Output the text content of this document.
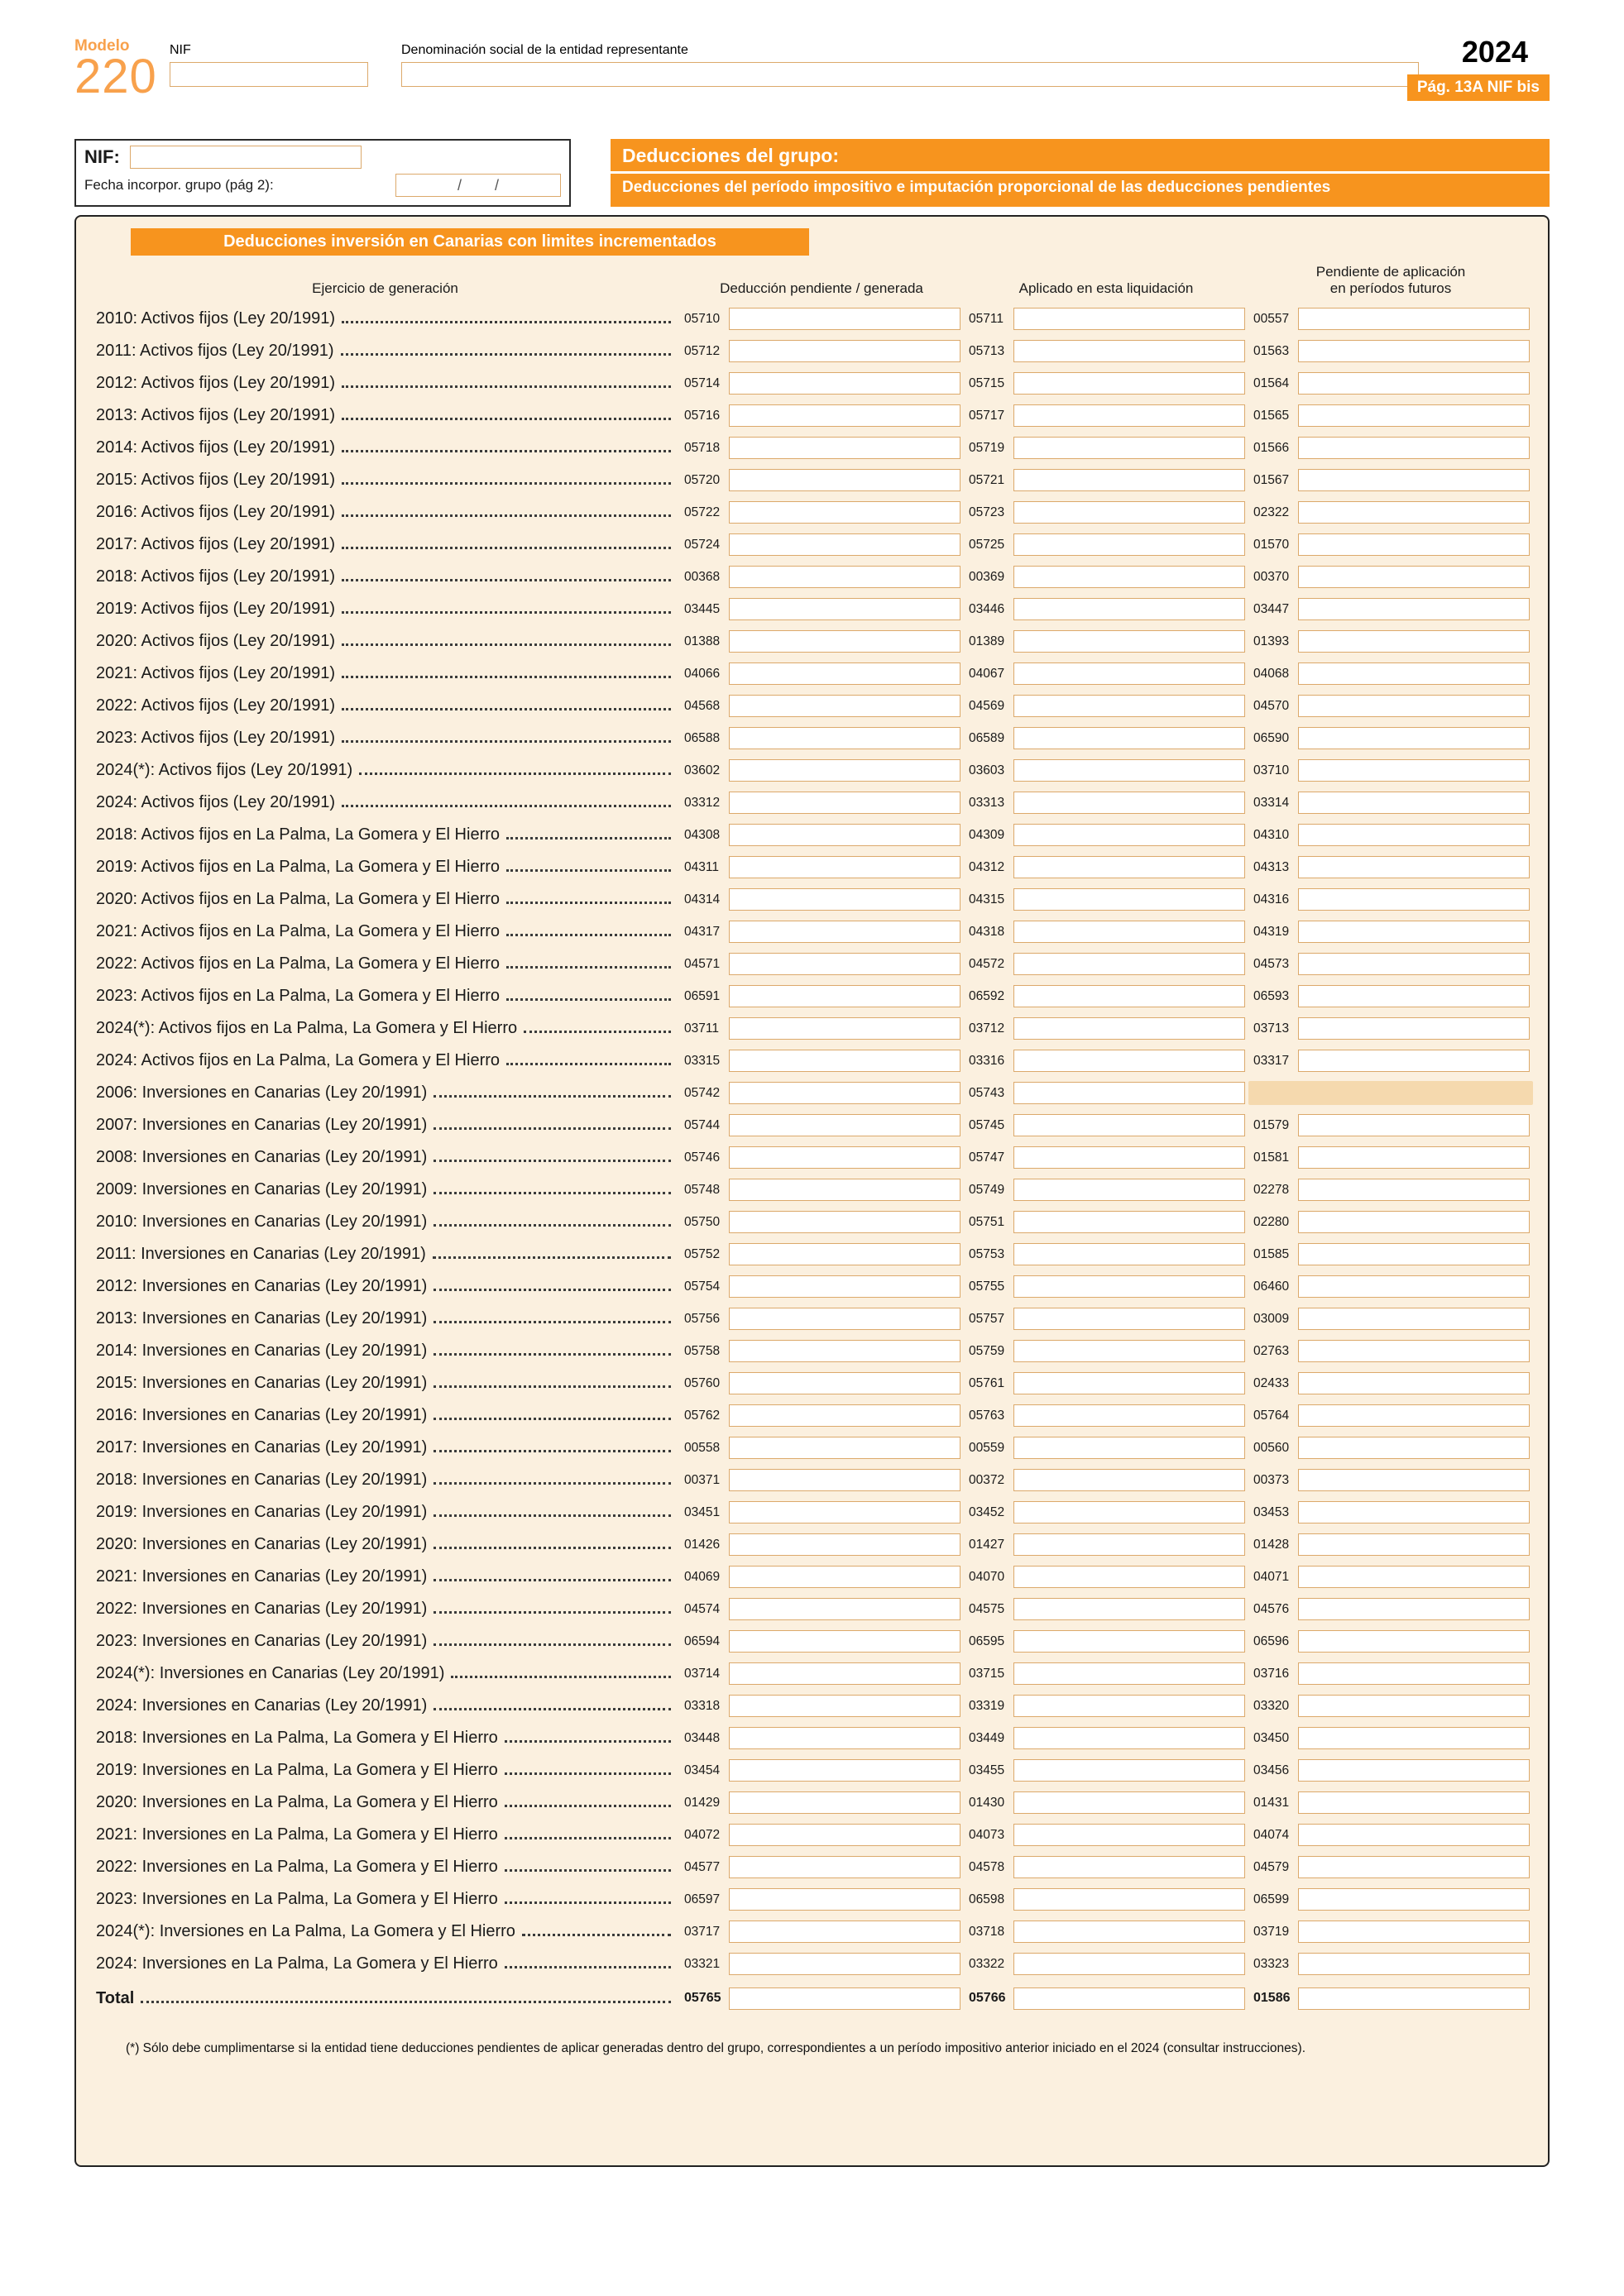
Modelo
220 NIF	Denominación social de la entidad representante	2024
Pág. 13A NIF bis
NIF:
Fecha incorpor. grupo (pág 2):	/        /
Deducciones del grupo:
Deducciones del período impositivo e imputación proporcional de las deducciones pendientes
Deducciones inversión en Canarias con limites incrementados
Ejercicio de generación	Deducción pendiente / generada	Aplicado en esta liquidación
Pendiente de aplicación
en períodos futuros
2010: Activos fijos (Ley 20/1991)	05710	05711	00557
2011: Activos fijos (Ley 20/1991)	05712	05713	01563
2012: Activos fijos (Ley 20/1991)	05714	05715	01564
2013: Activos fijos (Ley 20/1991)	05716	05717	01565
2014: Activos fijos (Ley 20/1991)	05718	05719	01566
2015: Activos fijos (Ley 20/1991)	05720	05721	01567
2016: Activos fijos (Ley 20/1991)	05722	05723	02322
2017: Activos fijos (Ley 20/1991)	05724	05725	01570
2018: Activos fijos (Ley 20/1991)	00368	00369	00370
2019: Activos fijos (Ley 20/1991)	03445	03446	03447
2020: Activos fijos (Ley 20/1991)	01388	01389	01393
2021: Activos fijos (Ley 20/1991)	04066	04067	04068
2022: Activos fijos (Ley 20/1991)	04568	04569	04570
2023: Activos fijos (Ley 20/1991)	06588	06589	06590
2024(*): Activos fijos (Ley 20/1991)	03602	03603	03710
2024: Activos fijos (Ley 20/1991)	03312	03313	03314
2018: Activos fijos en La Palma, La Gomera y El Hierro	04308	04309	04310
2019: Activos fijos en La Palma, La Gomera y El Hierro	04311	04312	04313
2020: Activos fijos en La Palma, La Gomera y El Hierro	04314	04315	04316
2021: Activos fijos en La Palma, La Gomera y El Hierro	04317	04318	04319
2022: Activos fijos en La Palma, La Gomera y El Hierro	04571	04572	04573
2023: Activos fijos en La Palma, La Gomera y El Hierro	06591	06592	06593
2024(*): Activos fijos en La Palma, La Gomera y El Hierro	03711	03712	03713
2024: Activos fijos en La Palma, La Gomera y El Hierro	03315	03316	03317
2006: Inversiones en Canarias (Ley 20/1991)	05742	05743
2007: Inversiones en Canarias (Ley 20/1991)	05744	05745	01579
2008: Inversiones en Canarias (Ley 20/1991)	05746	05747	01581
2009: Inversiones en Canarias (Ley 20/1991)	05748	05749	02278
2010: Inversiones en Canarias (Ley 20/1991)	05750	05751	02280
2011: Inversiones en Canarias (Ley 20/1991)	05752	05753	01585
2012: Inversiones en Canarias (Ley 20/1991)	05754	05755	06460
2013: Inversiones en Canarias (Ley 20/1991)	05756	05757	03009
2014: Inversiones en Canarias (Ley 20/1991)	05758	05759	02763
2015: Inversiones en Canarias (Ley 20/1991)	05760	05761	02433
2016: Inversiones en Canarias (Ley 20/1991)	05762	05763	05764
2017: Inversiones en Canarias (Ley 20/1991)	00558	00559	00560
2018: Inversiones en Canarias (Ley 20/1991)	00371	00372	00373
2019: Inversiones en Canarias (Ley 20/1991)	03451	03452	03453
2020: Inversiones en Canarias (Ley 20/1991)	01426	01427	01428
2021: Inversiones en Canarias (Ley 20/1991)	04069	04070	04071
2022: Inversiones en Canarias (Ley 20/1991)	04574	04575	04576
2023: Inversiones en Canarias (Ley 20/1991)	06594	06595	06596
2024(*): Inversiones en Canarias (Ley 20/1991)	03714	03715	03716
2024: Inversiones en Canarias (Ley 20/1991)	03318	03319	03320
2018: Inversiones en La Palma, La Gomera y El Hierro	03448	03449	03450
2019: Inversiones en La Palma, La Gomera y El Hierro	03454	03455	03456
2020: Inversiones en La Palma, La Gomera y El Hierro	01429	01430	01431
2021: Inversiones en La Palma, La Gomera y El Hierro	04072	04073	04074
2022: Inversiones en La Palma, La Gomera y El Hierro	04577	04578	04579
2023: Inversiones en La Palma, La Gomera y El Hierro	06597	06598	06599
2024(*): Inversiones en La Palma, La Gomera y El Hierro	03717	03718	03719
2024: Inversiones en La Palma, La Gomera y El Hierro	03321	03322	03323
Total	05765	05766	01586
(*) Sólo debe cumplimentarse si la entidad tiene deducciones pendientes de aplicar generadas dentro del grupo, correspondientes a un período impositivo anterior iniciado en el 2024 (consultar instrucciones).
